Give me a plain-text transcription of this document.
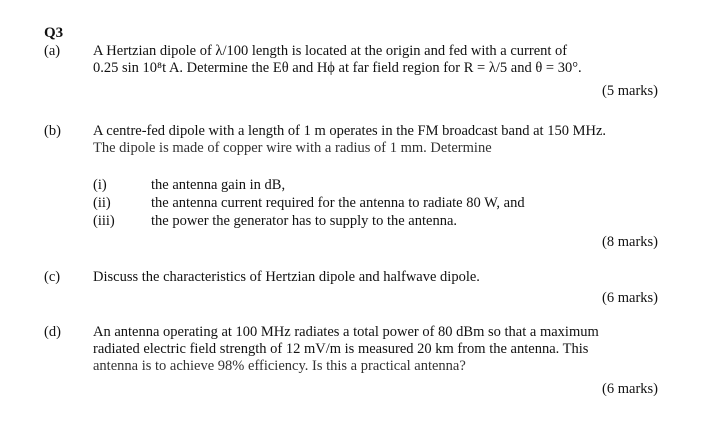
Q3
(a) A Hertzian dipole of λ/100 length is located at the origin and fed with a current of
0.25 sin 10⁸t A. Determine the Eθ and Hϕ at far field region for R = λ/5 and θ = 30°.
(5 marks)
(b) A centre-fed dipole with a length of 1 m operates in the FM broadcast band at 150 MHz.
The dipole is made of copper wire with a radius of 1 mm. Determine
(i)	the antenna gain in dB,
(ii)	the antenna current required for the antenna to radiate 80 W, and
(iii)	the power the generator has to supply to the antenna.
(8 marks)
(c) Discuss the characteristics of Hertzian dipole and halfwave dipole.
(6 marks)
(d) An antenna operating at 100 MHz radiates a total power of 80 dBm so that a maximum
radiated electric field strength of 12 mV/m is measured 20 km from the antenna. This
antenna is to achieve 98% efficiency. Is this a practical antenna?
(6 marks)
